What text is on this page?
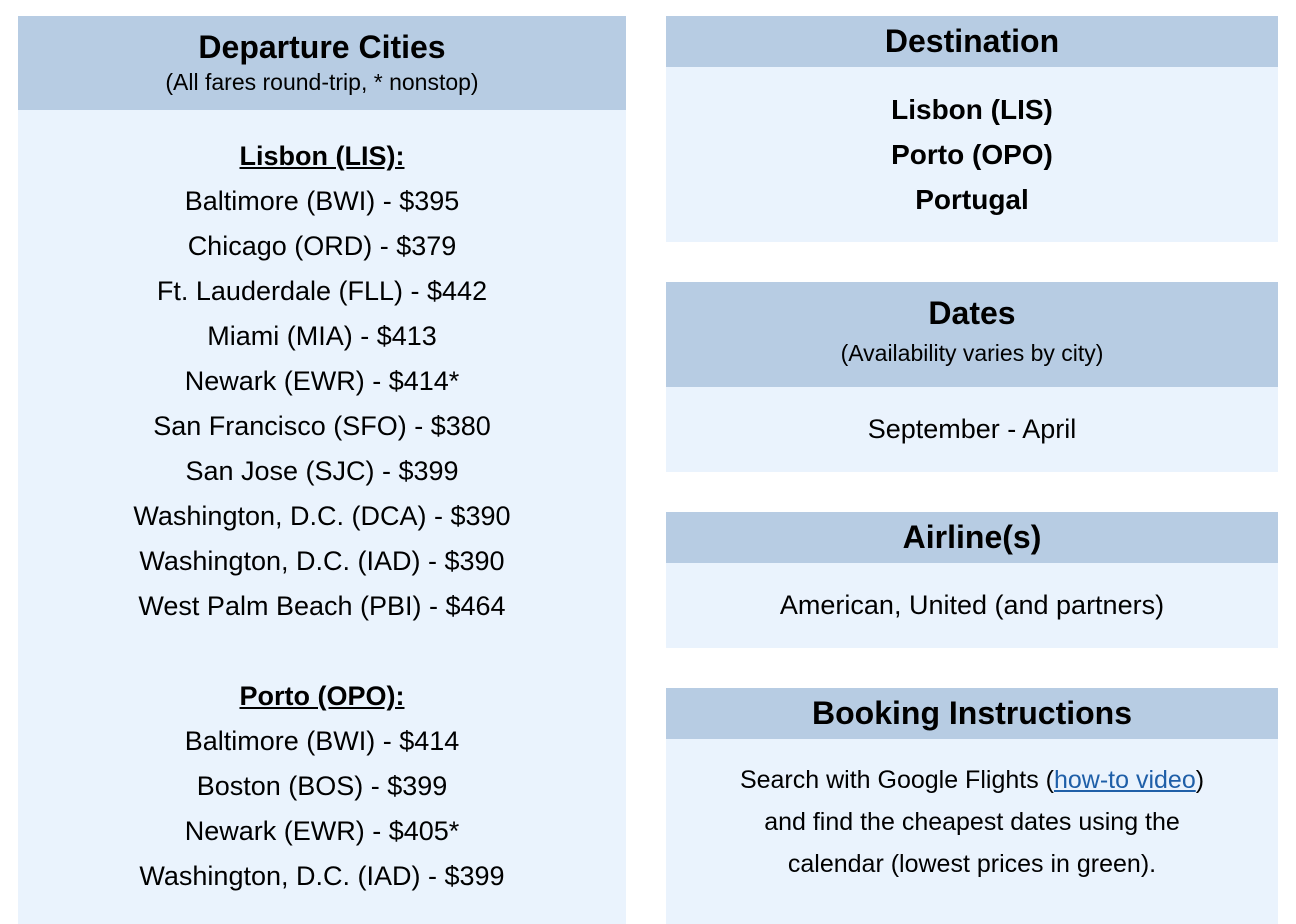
Departure Cities
(All fares round-trip, * nonstop)
Lisbon (LIS):
Baltimore (BWI) - $395
Chicago (ORD) - $379
Ft. Lauderdale (FLL) - $442
Miami (MIA) - $413
Newark (EWR) - $414*
San Francisco (SFO) - $380
San Jose (SJC) - $399
Washington, D.C. (DCA) - $390
Washington, D.C. (IAD) - $390
West Palm Beach (PBI) - $464
Porto (OPO):
Baltimore (BWI) - $414
Boston (BOS) - $399
Newark (EWR) - $405*
Washington, D.C. (IAD) - $399
Destination
Lisbon (LIS)
Porto (OPO)
Portugal
Dates
(Availability varies by city)
September - April
Airline(s)
American, United (and partners)
Booking Instructions
Search with Google Flights (how-to video)
and find the cheapest dates using the
calendar (lowest prices in green).
